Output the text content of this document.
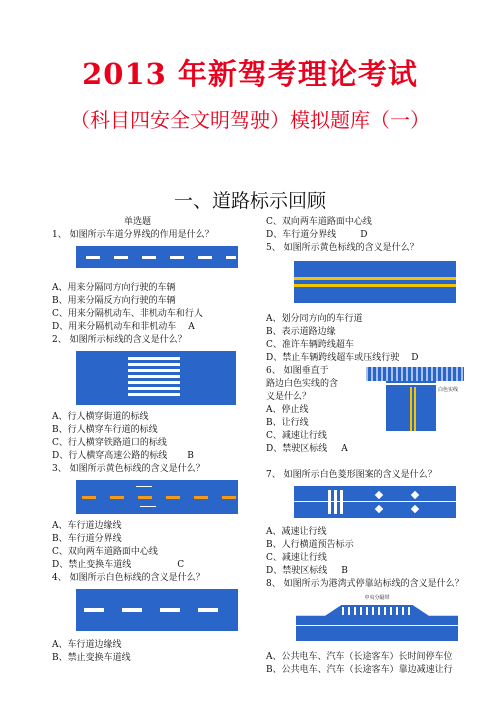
2013 年新驾考理论考试
（科目四安全文明驾驶）模拟题库（一）
一、道路标示回顾
单选题
1、 如图所示车道分界线的作用是什么？
A、用来分隔同方向行驶的车辆
B、用来分隔反方向行驶的车辆
C、用来分隔机动车、非机动车和行人
D、用来分隔机动车和非机动车 A
2、 如图所示标线的含义是什么？
A、行人横穿街道的标线
B、行人横穿车行道的标线
C、行人横穿铁路道口的标线
D、行人横穿高速公路的标线 B
3、 如图所示黄色标线的含义是什么？
A、车行道边缘线
B、车行道分界线
C、双向两车道路面中心线
D、禁止变换车道线	C
4、 如图所示白色标线的含义是什么？
A、车行道边缘线
B、禁止变换车道线
C、双向两车道路面中心线
D、车行道分界线	D
5、 如图所示黄色标线的含义是什么？
A、划分同方向的车行道
B、表示道路边缘
C、准许车辆跨线超车
D、禁止车辆跨线超车或压线行驶 D
6、 如图垂直于
路边白色实线的含
义是什么？
A、停止线
B、让行线
C、减速让行线
D、禁驶区标线 A
白色实线
7、 如图所示白色菱形图案的含义是什么？
A、减速让行线
B、人行横道预告标示
C、减速让行线
D、禁驶区标线 B
8、 如图所示为港湾式停靠站标线的含义是什么？
中央分隔带
A、公共电车、汽车（长途客车）长时间停车位
B、公共电车、汽车（长途客车）靠边减速让行
